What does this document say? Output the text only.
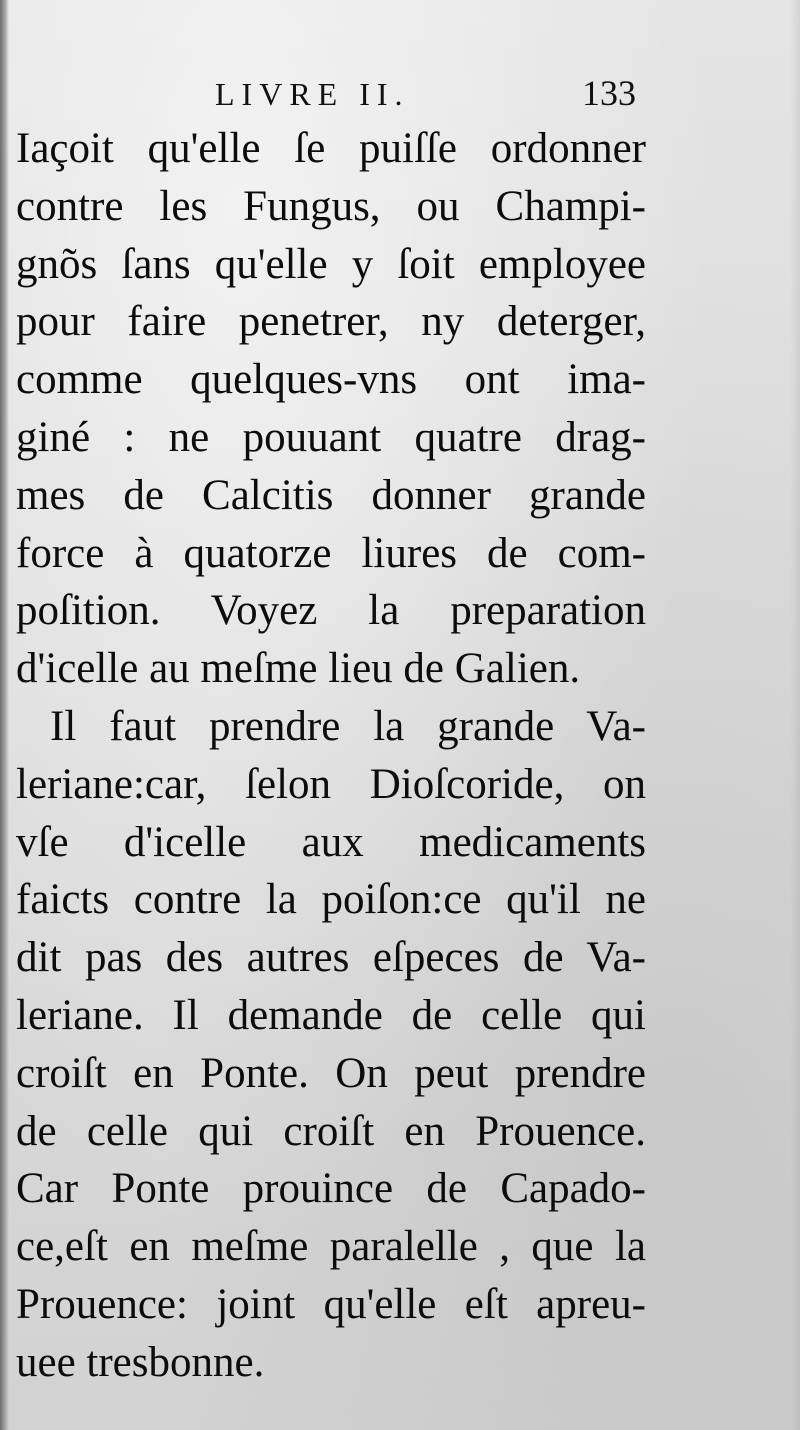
LIVRE II.	133
Iaçoit qu'elle ſe puiſſe ordonner
contre les Fungus, ou Champi-
gnõs ſans qu'elle y ſoit employee
pour faire penetrer, ny deterger,
comme quelques-vns ont ima-
giné : ne pouuant quatre drag-
mes de Calcitis donner grande
force à quatorze liures de com-
poſition. Voyez la preparation
d'icelle au meſme lieu de Galien.
Il faut prendre la grande Va-
leriane:car, ſelon Dioſcoride, on
vſe d'icelle aux medicaments
faicts contre la poiſon:ce qu'il ne
dit pas des autres eſpeces de Va-
leriane. Il demande de celle qui
croiſt en Ponte. On peut prendre
de celle qui croiſt en Prouence.
Car Ponte prouince de Capado-
ce,eſt en meſme paralelle , que la
Prouence: joint qu'elle eſt apreu-
uee tresbonne.
